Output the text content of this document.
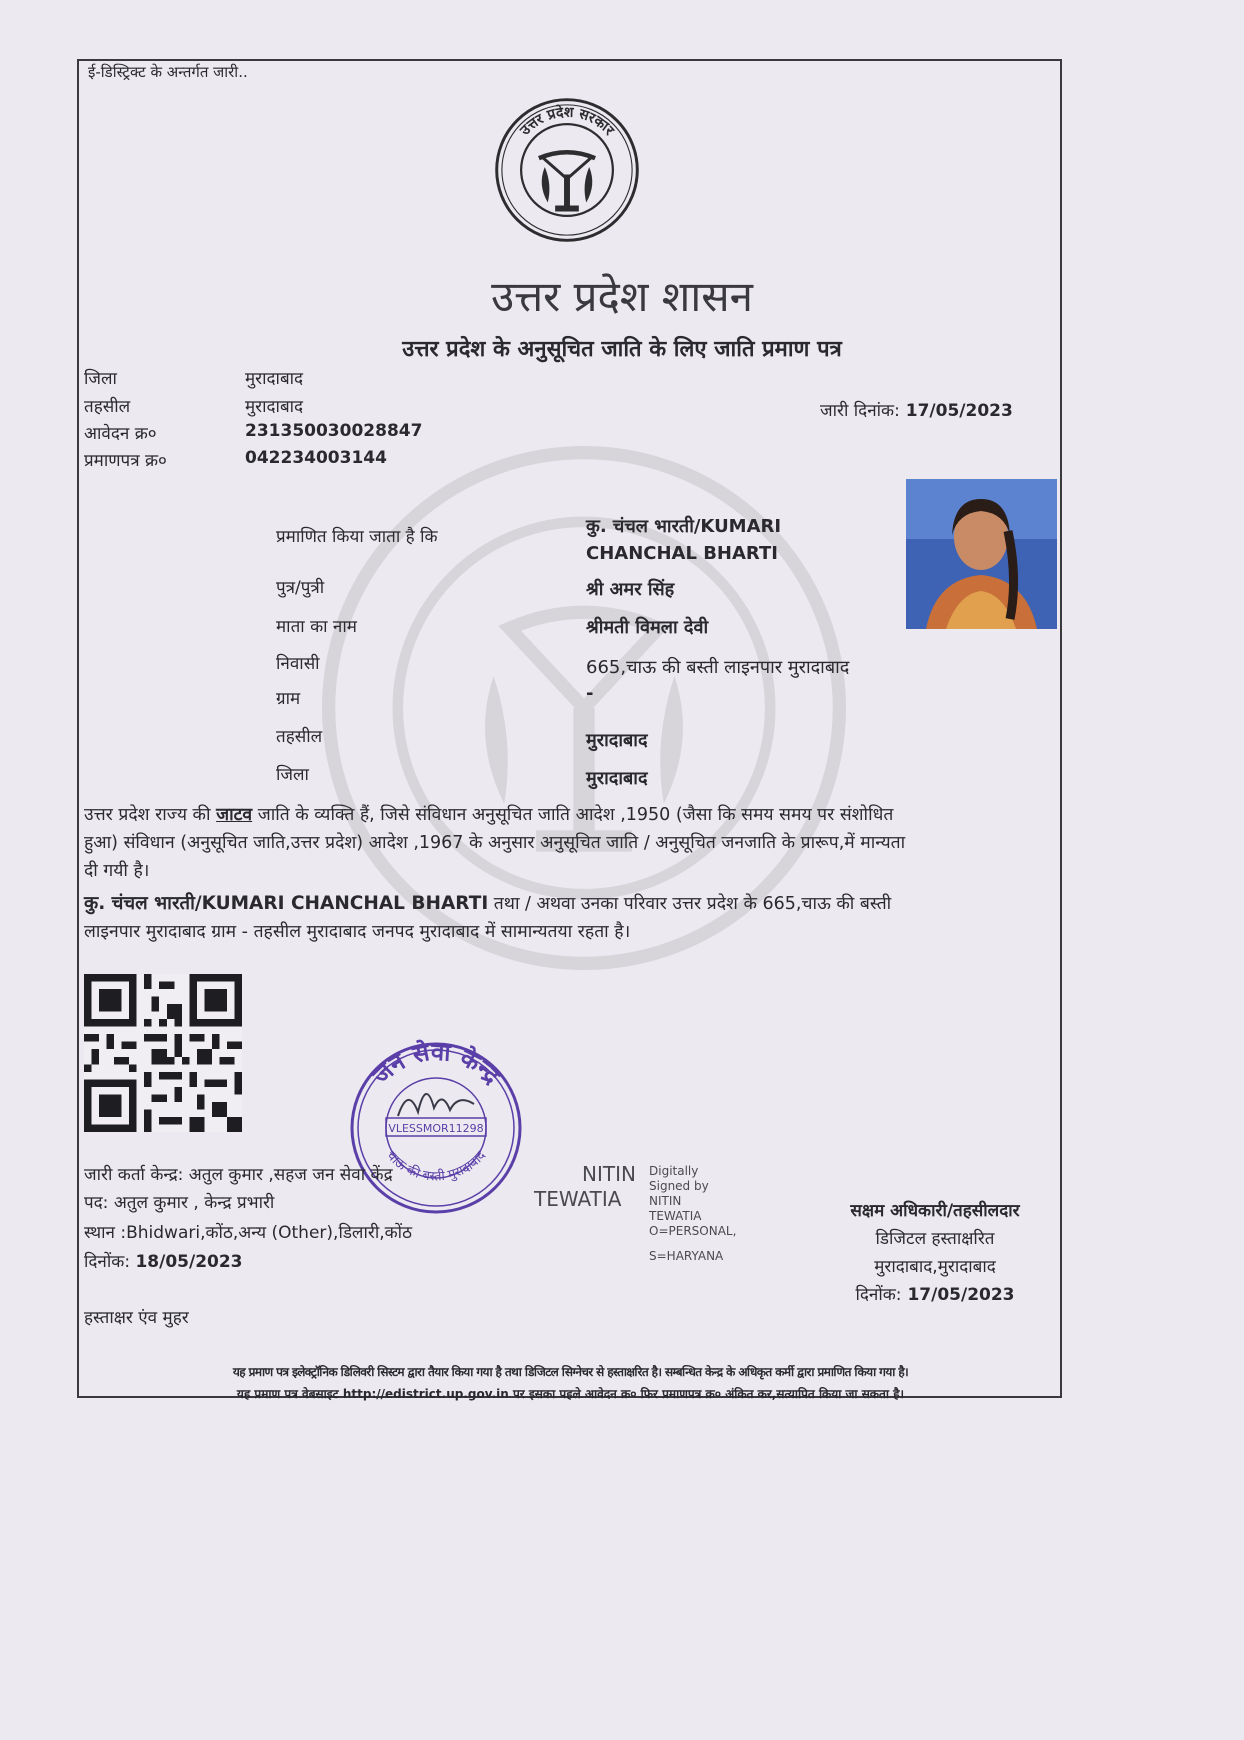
ई-डिस्ट्रिक्ट के अन्तर्गत जारी..
उत्तर प्रदेश सरकार
उत्तर प्रदेश शासन
उत्तर प्रदेश के अनुसूचित जाति के लिए जाति प्रमाण पत्र
जिला	मुरादाबाद
तहसील	मुरादाबाद
आवेदन क्र०	231350030028847
प्रमाणपत्र क्र०	042234003144
जारी दिनांक: 17/05/2023
प्रमाणित किया जाता है कि	कु. चंचल भारती/KUMARI
CHANCHAL BHARTI
पुत्र/पुत्री	श्री अमर सिंह
माता का नाम	श्रीमती विमला देवी
निवासी	665,चाऊ की बस्ती लाइनपार मुरादाबाद
ग्राम	-
तहसील	मुरादाबाद
जिला	मुरादाबाद
उत्तर प्रदेश राज्य की जाटव जाति के व्यक्ति हैं, जिसे संविधान अनुसूचित जाति आदेश ,1950 (जैसा कि समय समय पर संशोधित
हुआ) संविधान (अनुसूचित जाति,उत्तर प्रदेश) आदेश ,1967 के अनुसार अनुसूचित जाति / अनुसूचित जनजाति के प्रारूप,में मान्यता
दी गयी है।
कु. चंचल भारती/KUMARI CHANCHAL BHARTI तथा / अथवा उनका परिवार उत्तर प्रदेश के 665,चाऊ की बस्ती
लाइनपार मुरादाबाद ग्राम - तहसील मुरादाबाद जनपद मुरादाबाद में सामान्यतया रहता है।
जन सेवा केन्द्र
चाऊ की बस्ती मुरादाबाद
VLESSMOR11298
जारी कर्ता केन्द्र: अतुल कुमार ,सहज जन सेवा केंद्र
पद: अतुल कुमार , केन्द्र प्रभारी
स्थान :Bhidwari,कोंठ,अन्य (Other),डिलारी,कोंठ
दिनोंक: 18/05/2023
NITIN
TEWATIA
Digitally Signed by
NITIN TEWATIA
O=PERSONAL,
S=HARYANA
सक्षम अधिकारी/तहसीलदार
डिजिटल हस्ताक्षरित
मुरादाबाद,मुरादाबाद
दिनोंक: 17/05/2023
हस्ताक्षर एंव मुहर
यह प्रमाण पत्र इलेक्ट्रॉनिक डिलिवरी सिस्टम द्वारा तैयार किया गया है तथा डिजिटल सिग्नेचर से हस्ताक्षरित है। सम्बन्धित केन्द्र के अधिकृत कर्मी द्वारा प्रमाणित किया गया है।
यह प्रमाण पत्र वेबसाइट http://edistrict.up.gov.in पर इसका पहले आवेदन क्र० फिर प्रमाणपत्र क्र० अंकित कर,सत्यापित किया जा सकता है।
